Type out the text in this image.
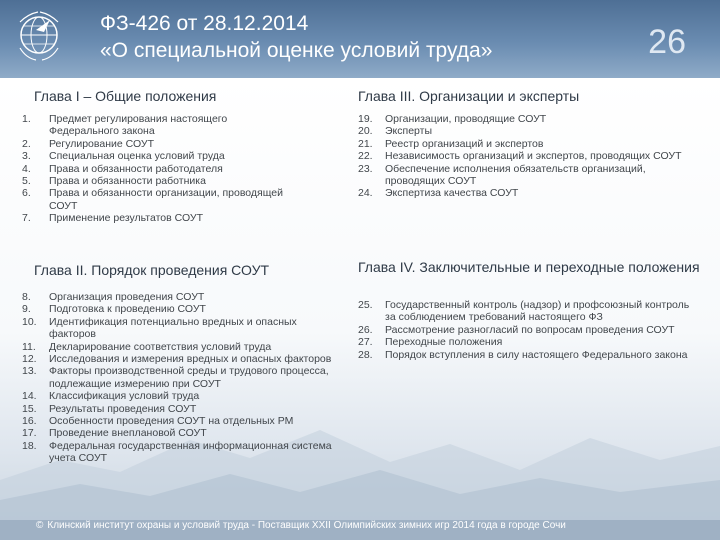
ФЗ-426 от 28.12.2014
«О специальной оценке условий труда»	26
Глава I – Общие положения
1.	Предмет регулирования настоящего Федерального закона
2.	Регулирование СОУТ
3.	Специальная оценка условий труда
4.	Права и обязанности работодателя
5.	Права и обязанности работника
6.	Права и обязанности организации, проводящей СОУТ
7.	Применение результатов СОУТ
Глава II. Порядок проведения СОУТ
8.	Организация проведения СОУТ
9.	Подготовка к проведению СОУТ
10.	Идентификация потенциально вредных и опасных факторов
11.	Декларирование соответствия условий труда
12.	Исследования и измерения вредных и опасных факторов
13.	Факторы производственной среды и трудового процесса, подлежащие измерению при СОУТ
14.	Классификация условий труда
15.	Результаты проведения СОУТ
16.	Особенности проведения СОУТ на отдельных РМ
17.	Проведение внеплановой СОУТ
18.	Федеральная государственная информационная система учета СОУТ
Глава III. Организации и эксперты
19.	Организации, проводящие СОУТ
20.	Эксперты
21.	Реестр организаций и экспертов
22.	Независимость организаций и экспертов, проводящих СОУТ
23.	Обеспечение исполнения обязательств организаций, проводящих СОУТ
24.	Экспертиза качества СОУТ
Глава IV. Заключительные и переходные положения
25.	Государственный контроль (надзор) и профсоюзный контроль за соблюдением требований настоящего ФЗ
26.	Рассмотрение разногласий по вопросам проведения СОУТ
27.	Переходные положения
28.	Порядок вступления в силу настоящего Федерального закона
© Клинский институт охраны и условий труда - Поставщик XXII Олимпийских зимних игр 2014 года в городе Сочи
